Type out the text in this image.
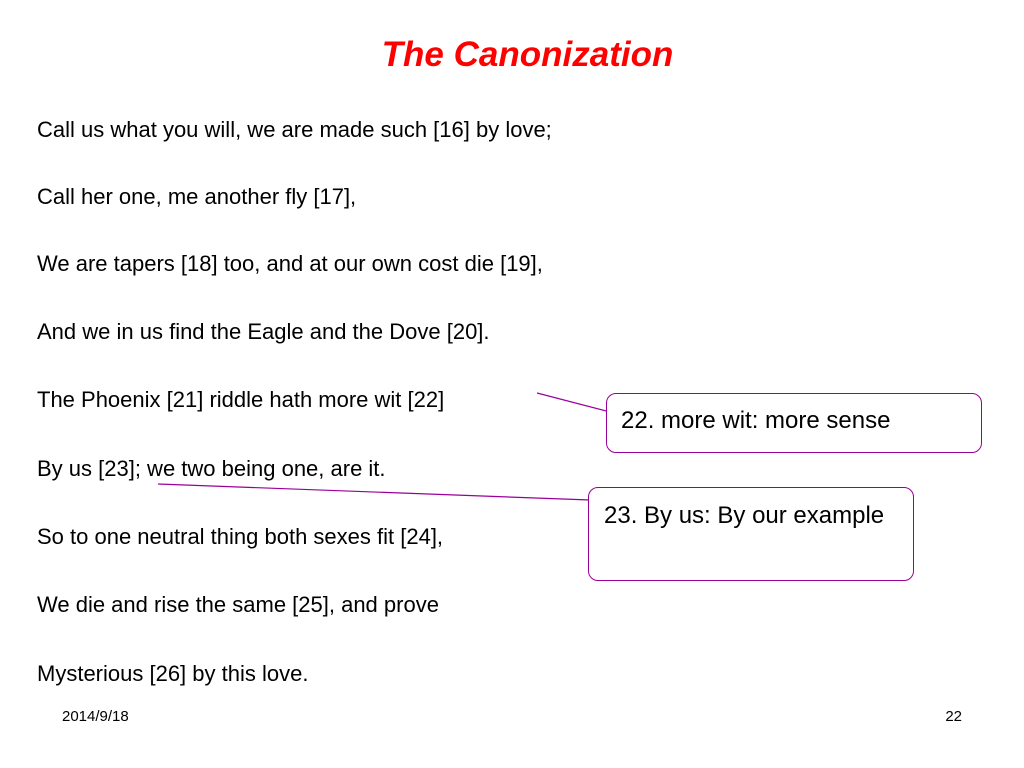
The Canonization
Call us what you will, we are made such [16] by love;
Call her one, me another fly [17],
We are tapers [18] too, and at our own cost die [19],
And we in us find the Eagle and the Dove [20].
The Phoenix [21] riddle hath more wit [22]
By us [23]; we two being one, are it.
So to one neutral thing both sexes fit [24],
We die and rise the same [25], and prove
Mysterious [26] by this love.
22. more wit: more sense
23. By us: By our example
2014/9/18	22
